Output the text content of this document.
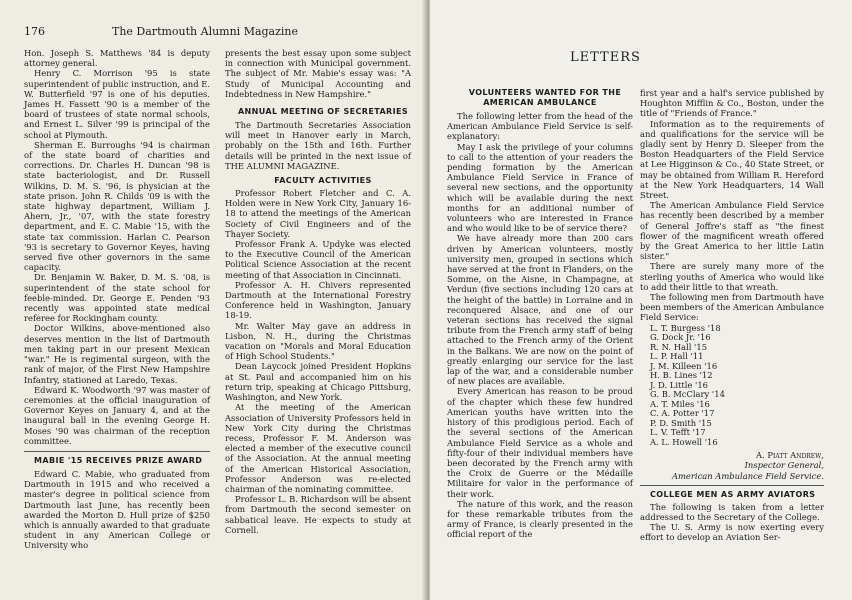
176	The Dartmouth Alumni Magazine

Hon. Joseph S. Matthews '84 is deputy attorney general.

Henry C. Morrison '95 is state superintendent of public instruction, and E. W. Butterfield '97 is one of his deputies. James H. Fassett '90 is a member of the board of trustees of state normal schools, and Ernest L. Silver '99 is principal of the school at Plymouth.

Sherman E. Burroughs '94 is chairman of the state board of charities and corrections. Dr. Charles H. Duncan '98 is state bacteriologist, and Dr. Russell Wilkins, D. M. S. '96, is physician at the state prison. John R. Childs '09 is with the state highway department, William J. Ahern, Jr., '07, with the state forestry department, and E. C. Mabie '15, with the state tax commission. Harlan C. Pearson '93 is secretary to Governor Keyes, having served five other governors in the same capacity.

Dr. Benjamin W. Baker, D. M. S. '08, is superintendent of the state school for feeble-minded. Dr. George E. Penden '93 recently was appointed state medical referee for Rockingham county.

Doctor Wilkins, above-mentioned also deserves mention in the list of Dartmouth men taking part in our present Mexican "war." He is regimental surgeon, with the rank of major, of the First New Hampshire Infantry, stationed at Laredo, Texas.

Edward K. Woodworth '97 was master of ceremonies at the official inauguration of Governor Keyes on January 4, and at the inaugural ball in the evening George H. Moses '90 was chairman of the reception committee.

MABIE '15 RECEIVES PRIZE AWARD

Edward C. Mabie, who graduated from Dartmouth in 1915 and who received a master's degree in political science from Dartmouth last June, has recently been awarded the Morton D. Hull prize of $250 which is annually awarded to that graduate student in any American College or University who

presents the best essay upon some subject in connection with Municipal government. The subject of Mr. Mabie's essay was: "A Study of Municipal Accounting and Indebtedness in New Hampshire."

ANNUAL MEETING OF SECRETARIES

The Dartmouth Secretaries Association will meet in Hanover early in March, probably on the 15th and 16th. Further details will be printed in the next issue of THE ALUMNI MAGAZINE.

FACULTY ACTIVITIES

Professor Robert Fletcher and C. A. Holden were in New York City, January 16-18 to attend the meetings of the American Society of Civil Engineers and of the Thayer Society.

Professor Frank A. Updyke was elected to the Executive Council of the American Political Science Association at the recent meeting of that Association in Cincinnati.

Professor A. H. Chivers represented Dartmouth at the International Forestry Conference held in Washington, January 18-19.

Mr. Walter May gave an address in Lisbon, N. H., during the Christmas vacation on "Morals and Moral Education of High School Students."

Dean Laycock joined President Hopkins at St. Paul and accompanied him on his return trip, speaking at Chicago Pittsburg, Washington, and New York.

At the meeting of the American Association of University Professors held in New York City during the Christmas recess, Professor F. M. Anderson was elected a member of the executive council of the Association. At the annual meeting of the American Historical Association, Professor Anderson was re-elected chairman of the nominating committee.

Professor L. B. Richardson will be absent from Dartmouth the second semester on sabbatical leave. He expects to study at Cornell.

LETTERS

VOLUNTEERS WANTED FOR THE AMERICAN AMBULANCE

The following letter from the head of the American Ambulance Field Service is self-explanatory:

May I ask the privilege of your columns to call to the attention of your readers the pending formation by the American Ambulance Field Service in France of several new sections, and the opportunity which will be available during the next months for an additional number of volunteers who are interested in France and who would like to be of service there?

We have already more than 200 cars driven by American volunteers, mostly university men, grouped in sections which have served at the front in Flanders, on the Somme, on the Aisne, in Champagne, at Verdun (five sections including 120 cars at the height of the battle) in Lorraine and in reconquered Alsace, and one of our veteran sections has received the signal tribute from the French army staff of being attached to the French army of the Orient in the Balkans. We are now on the point of greatly enlarging our service for the last lap of the war, and a considerable number of new places are available.

Every American has reason to be proud of the chapter which these few hundred American youths have written into the history of this prodigious period. Each of the several sections of the American Ambulance Field Service as a whole and fifty-four of their individual members have been decorated by the French army with the Croix de Guerre or the Médaille Militaire for valor in the performance of their work.

The nature of this work, and the reason for these remarkable tributes from the army of France, is clearly presented in the official report of the

first year and a half's service published by Houghton Mifflin & Co., Boston, under the title of "Friends of France."

Information as to the requirements of and qualifications for the service will be gladly sent by Henry D. Sleeper from the Boston Headquarters of the Field Service at Lee Higginson & Co., 40 State Street, or may be obtained from William R. Hereford at the New York Headquarters, 14 Wall Street.

The American Ambulance Field Service has recently been described by a member of General Joffre's staff as "the finest flower of the magnificent wreath offered by the Great America to her little Latin sister."

There are surely many more of the sterling youths of America who would like to add their little to that wreath.

The following men from Dartmouth have been members of the American Ambulance Field Service:

L. T. Burgess '18
G. Dock Jr. '16
R. N. Hall '15
L. P. Hall '11
J. M. Killeen '16
H. B. Lines '12
J. D. Little '16
G. B. McClary '14
A. T. Miles '16
C. A. Potter '17
P. D. Smith '15
L. V. Tefft '17
A. L. Howell '16
A. Piatt Andrew,
Inspector General,
American Ambulance Field Service.

COLLEGE MEN AS ARMY AVIATORS

The following is taken from a letter addressed to the Secretary of the College.

The U. S. Army is now exerting every effort to develop an Aviation Ser-
